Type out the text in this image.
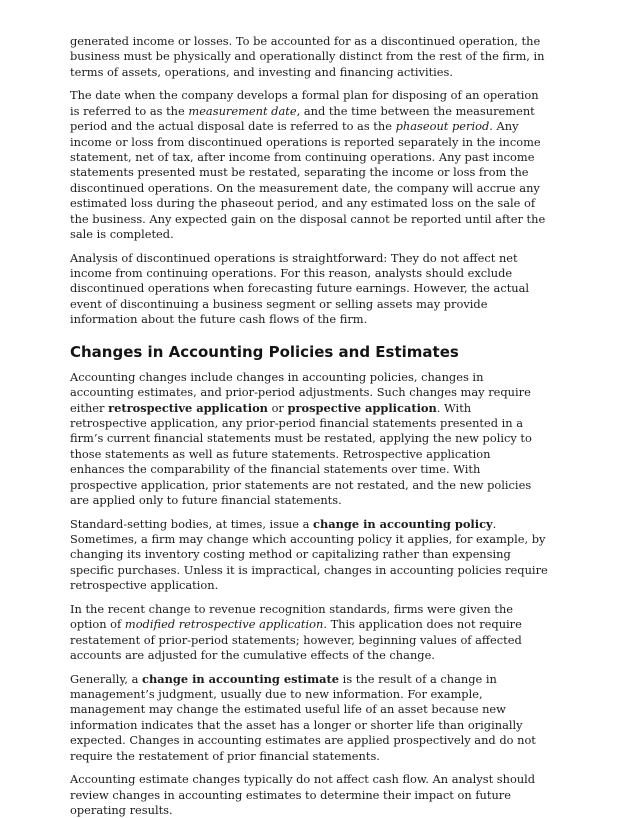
generated income or losses. To be accounted for as a discontinued operation, the business must be physically and operationally distinct from the rest of the firm, in terms of assets, operations, and investing and financing activities.

The date when the company develops a formal plan for disposing of an operation is referred to as the measurement date, and the time between the measurement period and the actual disposal date is referred to as the phaseout period. Any income or loss from discontinued operations is reported separately in the income statement, net of tax, after income from continuing operations. Any past income statements presented must be restated, separating the income or loss from the discontinued operations. On the measurement date, the company will accrue any estimated loss during the phaseout period, and any estimated loss on the sale of the business. Any expected gain on the disposal cannot be reported until after the sale is completed.

Analysis of discontinued operations is straightforward: They do not affect net income from continuing operations. For this reason, analysts should exclude discontinued operations when forecasting future earnings. However, the actual event of discontinuing a business segment or selling assets may provide information about the future cash flows of the firm.

Changes in Accounting Policies and Estimates

Accounting changes include changes in accounting policies, changes in accounting estimates, and prior-period adjustments. Such changes may require either retrospective application or prospective application. With retrospective application, any prior-period financial statements presented in a firm’s current financial statements must be restated, applying the new policy to those statements as well as future statements. Retrospective application enhances the comparability of the financial statements over time. With prospective application, prior statements are not restated, and the new policies are applied only to future financial statements.

Standard-setting bodies, at times, issue a change in accounting policy. Sometimes, a firm may change which accounting policy it applies, for example, by changing its inventory costing method or capitalizing rather than expensing specific purchases. Unless it is impractical, changes in accounting policies require retrospective application.

In the recent change to revenue recognition standards, firms were given the option of modified retrospective application. This application does not require restatement of prior-period statements; however, beginning values of affected accounts are adjusted for the cumulative effects of the change.

Generally, a change in accounting estimate is the result of a change in management’s judgment, usually due to new information. For example, management may change the estimated useful life of an asset because new information indicates that the asset has a longer or shorter life than originally expected. Changes in accounting estimates are applied prospectively and do not require the restatement of prior financial statements.

Accounting estimate changes typically do not affect cash flow. An analyst should review changes in accounting estimates to determine their impact on future operating results.
